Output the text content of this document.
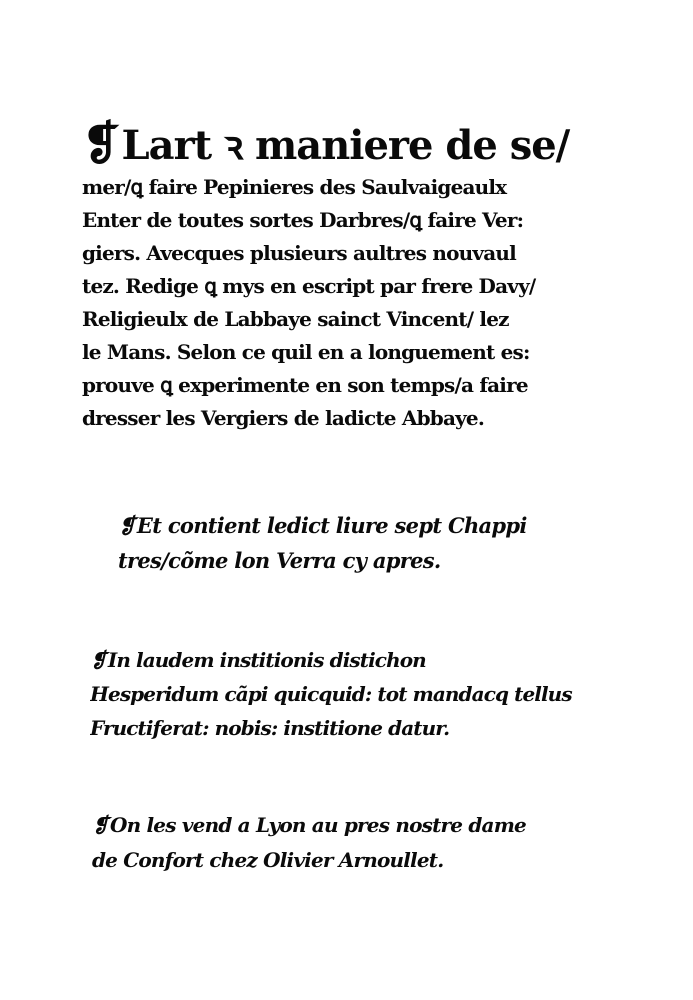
❡Lart ꝛ maniere de se/
mer/ꝗ faire Pepinieres des Saulvaigeaulx
Enter de toutes sortes Darbres/ꝗ faire Ver:
giers. Avecques plusieurs aultres nouvaul
tez. Redige ꝗ mys en escript par frere Davy/
Religieulx de Labbaye sainct Vincent/ lez
le Mans. Selon ce quil en a longuement es:
prouve ꝗ experimente en son temps/a faire
dresser les Vergiers de ladicte Abbaye.
❡Et contient ledict liure sept Chappi
tres/cõme lon Verra cy apres.
❡ In laudem institionis distichon
Hesperidum cãpi quicquid: tot mandacq tellus
Fructiferat: nobis: institione datur.
❡ On les vend a Lyon au pres nostre dame
de Confort chez Olivier Arnoullet.
